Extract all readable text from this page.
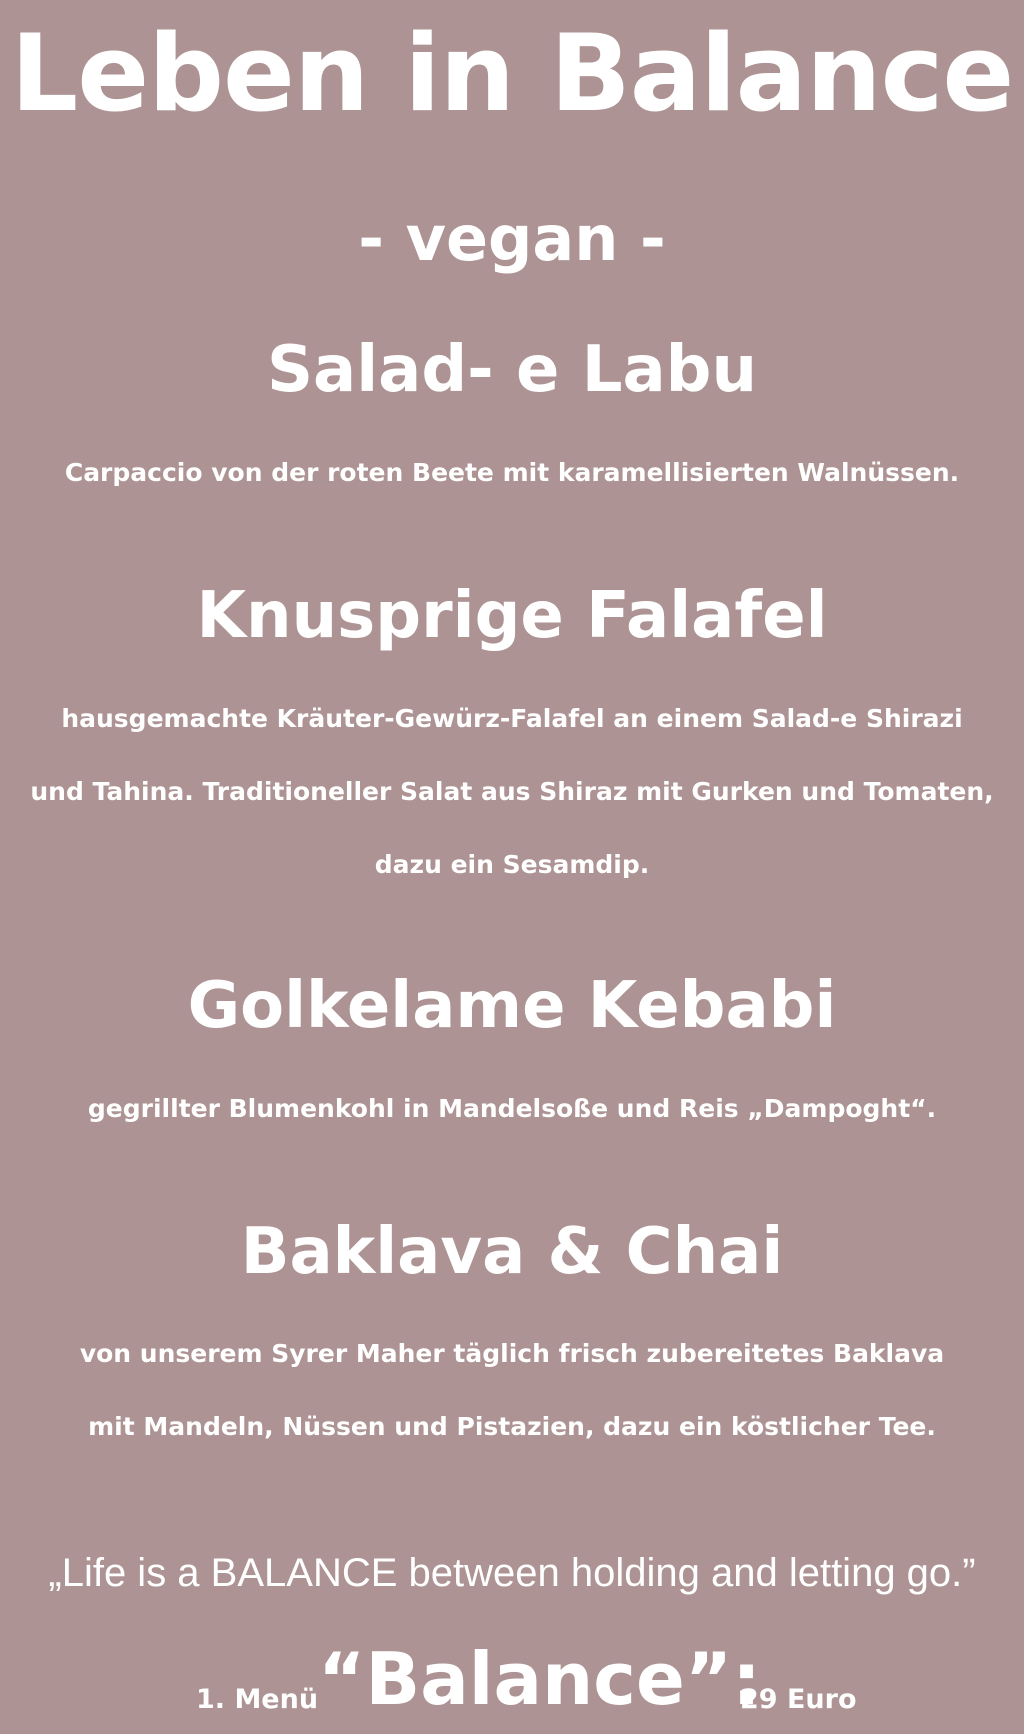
Leben in Balance
- vegan -
Salad- e Labu
Carpaccio von der roten Beete mit karamellisierten Walnüssen.
Knusprige Falafel
hausgemachte Kräuter-Gewürz-Falafel an einem Salad-e Shirazi
und Tahina. Traditioneller Salat aus Shiraz mit Gurken und Tomaten,
dazu ein Sesamdip.
Golkelame Kebabi
gegrillter Blumenkohl in Mandelsoße und Reis „Dampoght“.
Baklava & Chai
von unserem Syrer Maher täglich frisch zubereitetes Baklava
mit Mandeln, Nüssen und Pistazien, dazu ein köstlicher Tee.
„Life is a BALANCE between holding and letting go.”
1. Menü “Balance”:
29 Euro
